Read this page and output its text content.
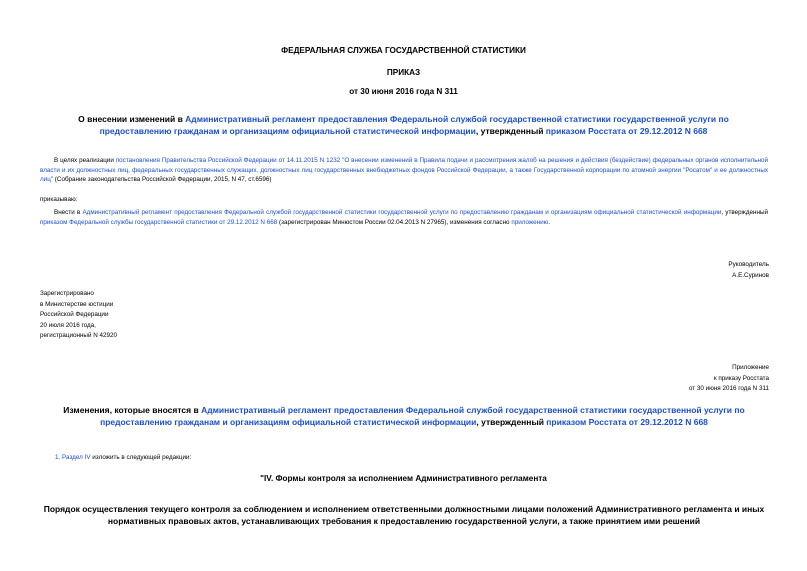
ФЕДЕРАЛЬНАЯ СЛУЖБА ГОСУДАРСТВЕННОЙ СТАТИСТИКИ
ПРИКАЗ
от 30 июня 2016 года N 311
О внесении изменений в Административный регламент предоставления Федеральной службой государственной статистики государственной услуги по предоставлению гражданам и организациям официальной статистической информации, утвержденный приказом Росстата от 29.12.2012 N 668
В целях реализации постановления Правительства Российской Федерации от 14.11.2015 N 1232 "О внесении изменений в Правила подачи и рассмотрения жалоб на решения и действия (бездействие) федеральных органов исполнительной власти и их должностных лиц, федеральных государственных служащих, должностных лиц государственных внебюджетных фондов Российской Федерации, а также Государственной корпорации по атомной энергии "Росатом" и ее должностных лиц" (Собрание законодательства Российской Федерации, 2015, N 47, ст.6596)
приказываю:
Внести в Административный регламент предоставления Федеральной службой государственной статистики государственной услуги по предоставлению гражданам и организациям официальной статистической информации, утвержденный приказом Федеральной службы государственной статистики от 29.12.2012 N 668 (зарегистрирован Минюстом России 02.04.2013 N 27965), изменения согласно приложению.
Руководитель
А.Е.Суринов
Зарегистрировано
в Министерстве юстиции
Российской Федерации
20 июля 2016 года,
регистрационный N 42920
Приложение
к приказу Росстата
от 30 июня 2016 года N 311
Изменения, которые вносятся в Административный регламент предоставления Федеральной службой государственной статистики государственной услуги по предоставлению гражданам и организациям официальной статистической информации, утвержденный приказом Росстата от 29.12.2012 N 668
1. Раздел IV изложить в следующей редакции:
"IV. Формы контроля за исполнением Административного регламента
Порядок осуществления текущего контроля за соблюдением и исполнением ответственными должностными лицами положений Административного регламента и иных нормативных правовых актов, устанавливающих требования к предоставлению государственной услуги, а также принятием ими решений
